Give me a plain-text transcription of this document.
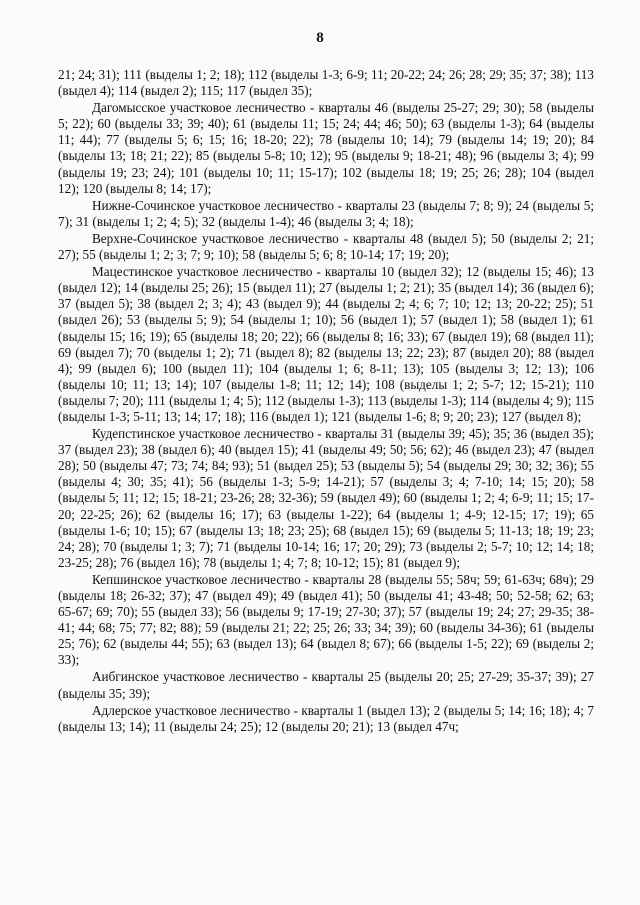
8

21; 24; 31); 111 (выделы 1; 2; 18); 112 (выделы 1-3; 6-9; 11; 20-22; 24; 26; 28; 29; 35; 37; 38); 113 (выдел 4); 114 (выдел 2); 115; 117 (выдел 35);

Дагомысское участковое лесничество - кварталы 46 (выделы 25-27; 29; 30); 58 (выделы 5; 22); 60 (выделы 33; 39; 40); 61 (выделы 11; 15; 24; 44; 46; 50); 63 (выделы 1-3); 64 (выделы 11; 44); 77 (выделы 5; 6; 15; 16; 18-20; 22); 78 (выделы 10; 14); 79 (выделы 14; 19; 20); 84 (выделы 13; 18; 21; 22); 85 (выделы 5-8; 10; 12); 95 (выделы 9; 18-21; 48); 96 (выделы 3; 4); 99 (выделы 19; 23; 24); 101 (выделы 10; 11; 15-17); 102 (выделы 18; 19; 25; 26; 28); 104 (выдел 12); 120 (выделы 8; 14; 17);

Нижне-Сочинское участковое лесничество - кварталы 23 (выделы 7; 8; 9); 24 (выделы 5; 7); 31 (выделы 1; 2; 4; 5); 32 (выделы 1-4); 46 (выделы 3; 4; 18);

Верхне-Сочинское участковое лесничество - кварталы 48 (выдел 5); 50 (выделы 2; 21; 27); 55 (выделы 1; 2; 3; 7; 9; 10); 58 (выделы 5; 6; 8; 10-14; 17; 19; 20);

Мацестинское участковое лесничество - кварталы 10 (выдел 32); 12 (выделы 15; 46); 13 (выдел 12); 14 (выделы 25; 26); 15 (выдел 11); 27 (выделы 1; 2; 21); 35 (выдел 14); 36 (выдел 6); 37 (выдел 5); 38 (выдел 2; 3; 4); 43 (выдел 9); 44 (выделы 2; 4; 6; 7; 10; 12; 13; 20-22; 25); 51 (выдел 26); 53 (выделы 5; 9); 54 (выделы 1; 10); 56 (выдел 1); 57 (выдел 1); 58 (выдел 1); 61 (выделы 15; 16; 19); 65 (выделы 18; 20; 22); 66 (выделы 8; 16; 33); 67 (выдел 19); 68 (выдел 11); 69 (выдел 7); 70 (выделы 1; 2); 71 (выдел 8); 82 (выделы 13; 22; 23); 87 (выдел 20); 88 (выдел 4); 99 (выдел 6); 100 (выдел 11); 104 (выделы 1; 6; 8-11; 13); 105 (выделы 3; 12; 13); 106 (выделы 10; 11; 13; 14); 107 (выделы 1-8; 11; 12; 14); 108 (выделы 1; 2; 5-7; 12; 15-21); 110 (выделы 7; 20); 111 (выделы 1; 4; 5); 112 (выделы 1-3); 113 (выделы 1-3); 114 (выделы 4; 9); 115 (выделы 1-3; 5-11; 13; 14; 17; 18); 116 (выдел 1); 121 (выделы 1-6; 8; 9; 20; 23); 127 (выдел 8);

Кудепстинское участковое лесничество - кварталы 31 (выделы 39; 45); 35; 36 (выдел 35); 37 (выдел 23); 38 (выдел 6); 40 (выдел 15); 41 (выделы 49; 50; 56; 62); 46 (выдел 23); 47 (выдел 28); 50 (выделы 47; 73; 74; 84; 93); 51 (выдел 25); 53 (выделы 5); 54 (выделы 29; 30; 32; 36); 55 (выделы 4; 30; 35; 41); 56 (выделы 1-3; 5-9; 14-21); 57 (выделы 3; 4; 7-10; 14; 15; 20); 58 (выделы 5; 11; 12; 15; 18-21; 23-26; 28; 32-36); 59 (выдел 49); 60 (выделы 1; 2; 4; 6-9; 11; 15; 17-20; 22-25; 26); 62 (выделы 16; 17); 63 (выделы 1-22); 64 (выделы 1; 4-9; 12-15; 17; 19); 65 (выделы 1-6; 10; 15); 67 (выделы 13; 18; 23; 25); 68 (выдел 15); 69 (выделы 5; 11-13; 18; 19; 23; 24; 28); 70 (выделы 1; 3; 7); 71 (выделы 10-14; 16; 17; 20; 29); 73 (выделы 2; 5-7; 10; 12; 14; 18; 23-25; 28); 76 (выдел 16); 78 (выделы 1; 4; 7; 8; 10-12; 15); 81 (выдел 9);

Кепшинское участковое лесничество - кварталы 28 (выделы 55; 58ч; 59; 61-63ч; 68ч); 29 (выделы 18; 26-32; 37); 47 (выдел 49); 49 (выдел 41); 50 (выделы 41; 43-48; 50; 52-58; 62; 63; 65-67; 69; 70); 55 (выдел 33); 56 (выделы 9; 17-19; 27-30; 37); 57 (выделы 19; 24; 27; 29-35; 38-41; 44; 68; 75; 77; 82; 88); 59 (выделы 21; 22; 25; 26; 33; 34; 39); 60 (выделы 34-36); 61 (выделы 25; 76); 62 (выделы 44; 55); 63 (выдел 13); 64 (выдел 8; 67); 66 (выделы 1-5; 22); 69 (выделы 2; 33);

Аибгинское участковое лесничество - кварталы 25 (выделы 20; 25; 27-29; 35-37; 39); 27 (выделы 35; 39);

Адлерское участковое лесничество - кварталы 1 (выдел 13); 2 (выделы 5; 14; 16; 18); 4; 7 (выделы 13; 14); 11 (выделы 24; 25); 12 (выделы 20; 21); 13 (выдел 47ч;
